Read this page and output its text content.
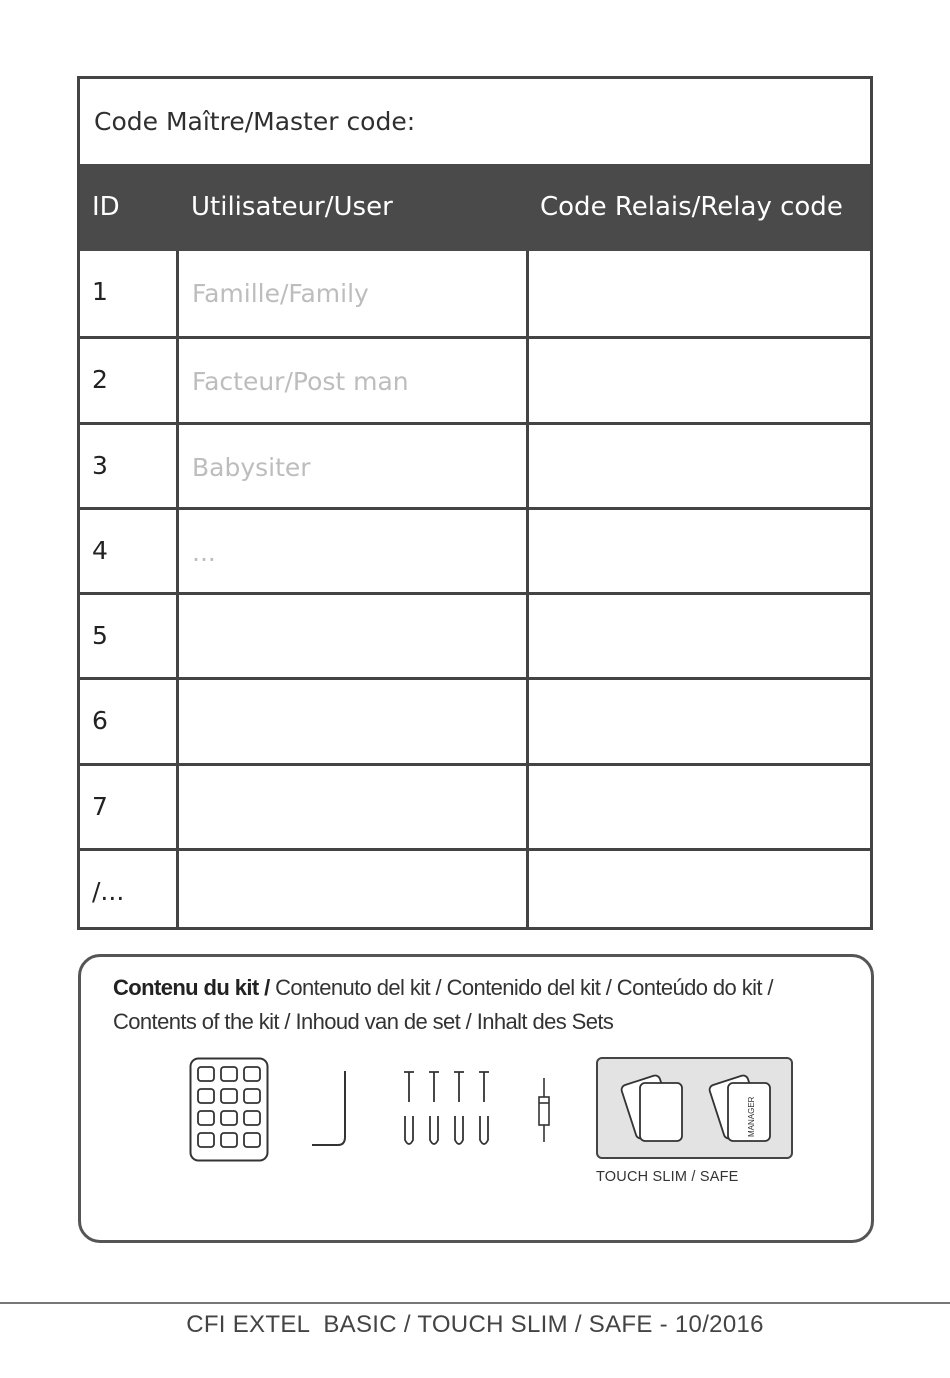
Code Maître/Master code:
ID	Utilisateur/User	Code Relais/Relay code
1	Famille/Family
2	Facteur/Post man
3	Babysiter
4	...
5
6
7
/...
Contenu du kit / Contenuto del kit / Contenido del kit / Conteúdo do kit /
Contents of the kit / Inhoud van de set / Inhalt des Sets
MANAGER
TOUCH SLIM / SAFE
CFI EXTEL  BASIC / TOUCH SLIM / SAFE - 10/2016
